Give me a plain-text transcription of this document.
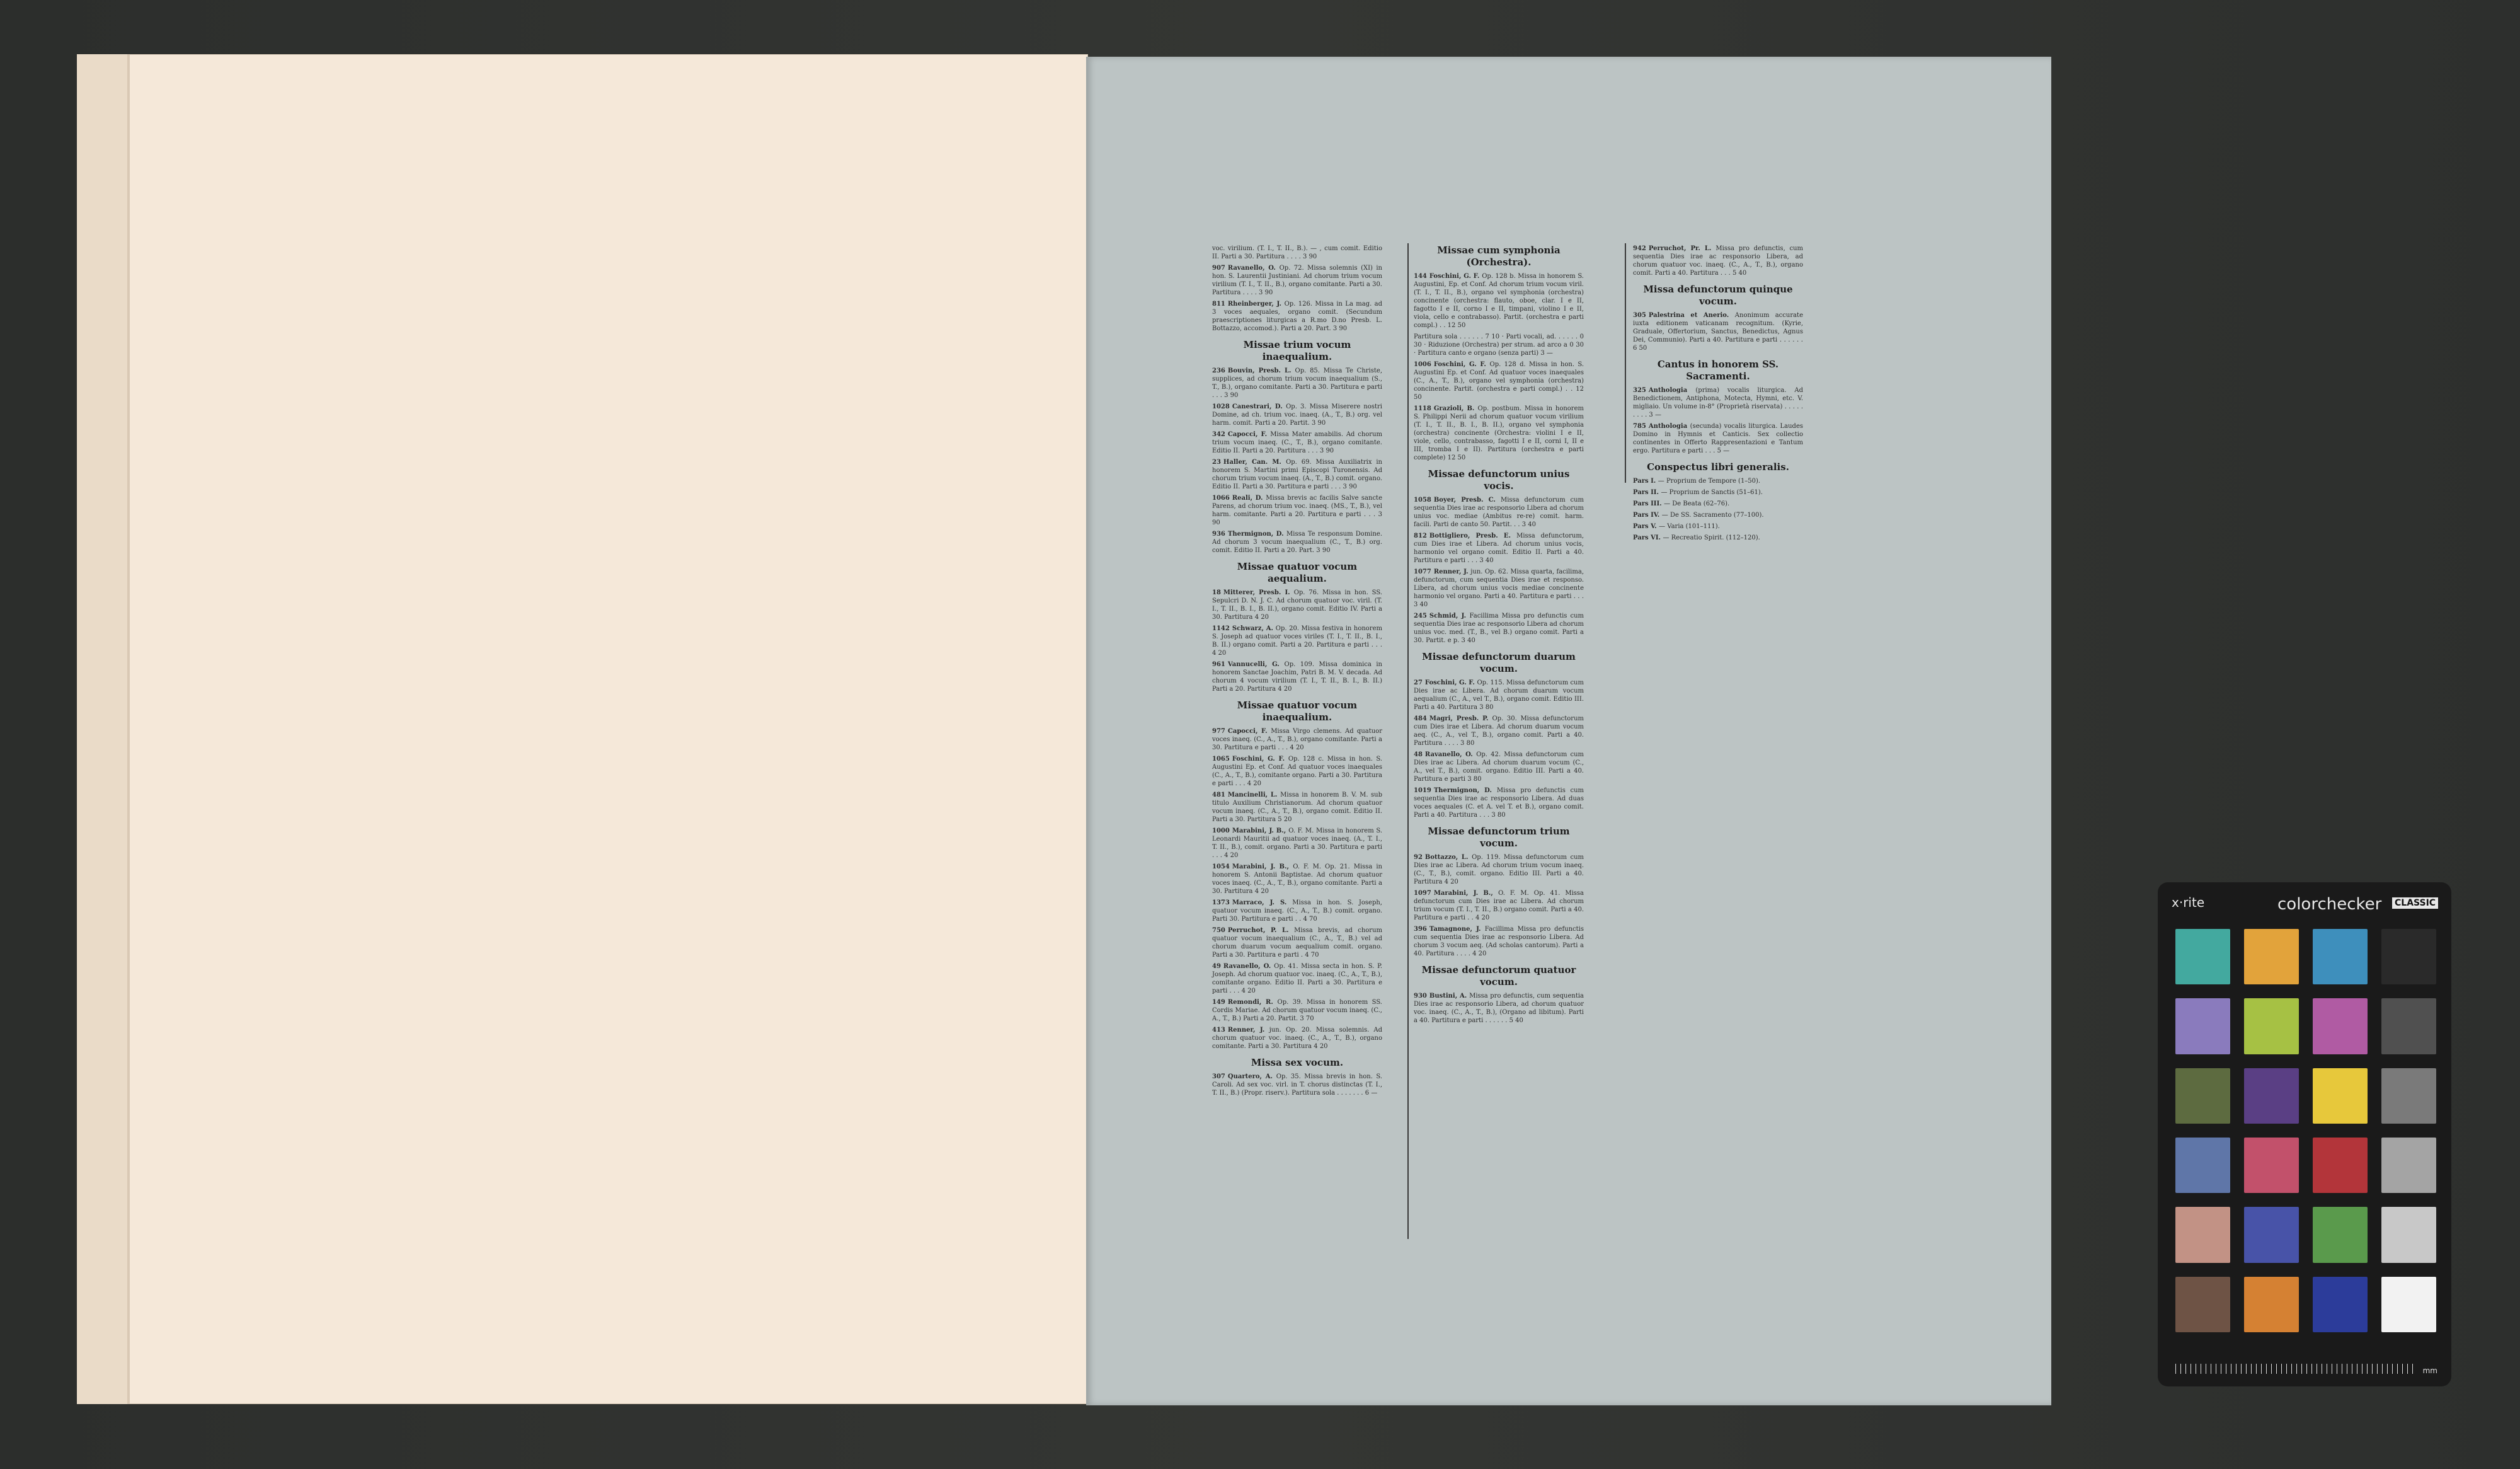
voc. virilium. (T. I., T. II., B.). — , cum comit. Editio II. Parti a 30. Partitura . . . . 3 90
907 Ravanello, O. Op. 72. Missa solemnis (XI) in hon. S. Laurentii Justiniani. Ad chorum trium vocum virilium (T. I., T. II., B.), organo comitante. Parti a 30. Partitura . . . . 3 90
811 Rheinberger, J. Op. 126. Missa in La mag. ad 3 voces aequales, organo comit. (Secundum praescriptiones liturgicas a R.mo D.no Presb. L. Bottazzo, accomod.). Parti a 20. Part. 3 90
Missae trium vocum inaequalium.
236 Bouvin, Presb. L. Op. 85. Missa Te Christe, supplices, ad chorum trium vocum inaequalium (S., T., B.), organo comitante. Parti a 30. Partitura e parti . . . 3 90
1028 Canestrari, D. Op. 3. Missa Miserere nostri Domine, ad ch. trium voc. inaeq. (A., T., B.) org. vel harm. comit. Parti a 20. Partit. 3 90
342 Capocci, F. Missa Mater amabilis. Ad chorum trium vocum inaeq. (C., T., B.), organo comitante. Editio II. Parti a 20. Partitura . . . 3 90
23 Haller, Can. M. Op. 69. Missa Auxiliatrix in honorem S. Martini primi Episcopi Turonensis. Ad chorum trium vocum inaeq. (A., T., B.) comit. organo. Editio II. Parti a 30. Partitura e parti . . . 3 90
1066 Reali, D. Missa brevis ac facilis Salve sancte Parens, ad chorum trium voc. inaeq. (MS., T., B.), vel harm. comitante. Parti a 20. Partitura e parti . . . 3 90
936 Thermignon, D. Missa Te responsum Domine. Ad chorum 3 vocum inaequalium (C., T., B.) org. comit. Editio II. Parti a 20. Part. 3 90
Missae quatuor vocum aequalium.
18 Mitterer, Presb. I. Op. 76. Missa in hon. SS. Sepulcri D. N. J. C. Ad chorum quatuor voc. viril. (T. I., T. II., B. I., B. II.), organo comit. Editio IV. Parti a 30. Partitura 4 20
1142 Schwarz, A. Op. 20. Missa festiva in honorem S. Joseph ad quatuor voces viriles (T. I., T. II., B. I., B. II.) organo comit. Parti a 20. Partitura e parti . . . 4 20
961 Vannucelli, G. Op. 109. Missa dominica in honorem Sanctae Joachim, Patri B. M. V. decada. Ad chorum 4 vocum virilium (T. I., T. II., B. I., B. II.) Parti a 20. Partitura 4 20
Missae quatuor vocum inaequalium.
977 Capocci, F. Missa Virgo clemens. Ad quatuor voces inaeq. (C., A., T., B.), organo comitante. Parti a 30. Partitura e parti . . . 4 20
1065 Foschini, G. F. Op. 128 c. Missa in hon. S. Augustini Ep. et Conf. Ad quatuor voces inaequales (C., A., T., B.), comitante organo. Parti a 30. Partitura e parti . . . 4 20
481 Mancinelli, L. Missa in honorem B. V. M. sub titulo Auxilium Christianorum. Ad chorum quatuor vocum inaeq. (C., A., T., B.), organo comit. Editio II. Parti a 30. Partitura 5 20
1000 Marabini, J. B., O. F. M. Missa in honorem S. Leonardi Mauritii ad quatuor voces inaeq. (A., T. I., T. II., B.), comit. organo. Parti a 30. Partitura e parti . . . 4 20
1054 Marabini, J. B., O. F. M. Op. 21. Missa in honorem S. Antonii Baptistae. Ad chorum quatuor voces inaeq. (C., A., T., B.), organo comitante. Parti a 30. Partitura 4 20
1373 Marraco, J. S. Missa in hon. S. Joseph, quatuor vocum inaeq. (C., A., T., B.) comit. organo. Parti 30. Partitura e parti . . 4 70
750 Perruchot, P. L. Missa brevis, ad chorum quatuor vocum inaequalium (C., A., T., B.) vel ad chorum duarum vocum aequalium comit. organo. Parti a 30. Partitura e parti . 4 70
49 Ravanello, O. Op. 41. Missa secta in hon. S. P. Joseph. Ad chorum quatuor voc. inaeq. (C., A., T., B.), comitante organo. Editio II. Parti a 30. Partitura e parti . . . 4 20
149 Remondi, R. Op. 39. Missa in honorem SS. Cordis Mariae. Ad chorum quatuor vocum inaeq. (C., A., T., B.) Parti a 20. Partit. 3 70
413 Renner, J. jun. Op. 20. Missa solemnis. Ad chorum quatuor voc. inaeq. (C., A., T., B.), organo comitante. Parti a 30. Partitura 4 20
Missa sex vocum.
307 Quartero, A. Op. 35. Missa brevis in hon. S. Caroli. Ad sex voc. virl. in T. chorus distinctas (T. I., T. II., B.) (Propr. riserv.). Partitura sola . . . . . . . 6 —
Missae cum symphonia (Orchestra).
144 Foschini, G. F. Op. 128 b. Missa in honorem S. Augustini, Ep. et Conf. Ad chorum trium vocum viril. (T. I., T. II., B.), organo vel symphonia (orchestra) concinente (orchestra: flauto, oboe, clar. I e II, fagotto I e II, corno I e II, timpani, violino I e II, viola, cello e contrabasso). Partit. (orchestra e parti compl.) . . 12 50
Partitura sola . . . . . . 7 10 · Parti vocali, ad. . . . . . 0 30 · Riduzione (Orchestra) per strum. ad arco a 0 30 · Partitura canto e organo (senza parti) 3 —
1006 Foschini, G. F. Op. 128 d. Missa in hon. S. Augustini Ep. et Conf. Ad quatuor voces inaequales (C., A., T., B.), organo vel symphonia (orchestra) concinente. Partit. (orchestra e parti compl.) . . 12 50
1118 Grazioli, B. Op. postbum. Missa in honorem S. Philippi Nerii ad chorum quatuor vocum virilium (T. I., T. II., B. I., B. II.), organo vel symphonia (orchestra) concinente (Orchestra: violini I e II, viole, cello, contrabasso, fagotti I e II, corni I, II e III, tromba I e II). Partitura (orchestra e parti complete) 12 50
Missae defunctorum unius vocis.
1058 Boyer, Presb. C. Missa defunctorum cum sequentia Dies irae ac responsorio Libera ad chorum unius voc. mediae (Ambitus re-re) comit. harm. facili. Parti de canto 50. Partit. . . 3 40
812 Bottigliero, Presb. E. Missa defunctorum, cum Dies irae et Libera. Ad chorum unius vocis, harmonio vel organo comit. Editio II. Parti a 40. Partitura e parti . . . 3 40
1077 Renner, J. jun. Op. 62. Missa quarta, facilima, defunctorum, cum sequentia Dies irae et responso. Libera, ad chorum unius vocis mediae concinente harmonio vel organo. Parti a 40. Partitura e parti . . . 3 40
245 Schmid, J. Facillima Missa pro defunctis cum sequentia Dies irae ac responsorio Libera ad chorum unius voc. med. (T., B., vel B.) organo comit. Parti a 30. Partit. e p. 3 40
Missae defunctorum duarum vocum.
27 Foschini, G. F. Op. 115. Missa defunctorum cum Dies irae ac Libera. Ad chorum duarum vocum aequalium (C., A., vel T., B.), organo comit. Editio III. Parti a 40. Partitura 3 80
484 Magri, Presb. P. Op. 30. Missa defunctorum cum Dies irae et Libera. Ad chorum duarum vocum aeq. (C., A., vel T., B.), organo comit. Parti a 40. Partitura . . . . 3 80
48 Ravanello, O. Op. 42. Missa defunctorum cum Dies irae ac Libera. Ad chorum duarum vocum (C., A., vel T., B.), comit. organo. Editio III. Parti a 40. Partitura e parti 3 80
1019 Thermignon, D. Missa pro defunctis cum sequentia Dies irae ac responsorio Libera. Ad duas voces aequales (C. et A. vel T. et B.), organo comit. Parti a 40. Partitura . . . 3 80
Missae defunctorum trium vocum.
92 Bottazzo, L. Op. 119. Missa defunctorum cum Dies irae ac Libera. Ad chorum trium vocum inaeq. (C., T., B.), comit. organo. Editio III. Parti a 40. Partitura 4 20
1097 Marabini, J. B., O. F. M. Op. 41. Missa defunctorum cum Dies irae ac Libera. Ad chorum trium vocum (T. I., T. II., B.) organo comit. Parti a 40. Partitura e parti . . 4 20
396 Tamagnone, J. Facillima Missa pro defunctis cum sequentia Dies irae ac responsorio Libera. Ad chorum 3 vocum aeq. (Ad scholas cantorum). Parti a 40. Partitura . . . . 4 20
Missae defunctorum quatuor vocum.
930 Bustini, A. Missa pro defunctis, cum sequentia Dies irae ac responsorio Libera, ad chorum quatuor voc. inaeq. (C., A., T., B.), (Organo ad libitum). Parti a 40. Partitura e parti . . . . . . 5 40
942 Perruchot, Pr. L. Missa pro defunctis, cum sequentia Dies irae ac responsorio Libera, ad chorum quatuor voc. inaeq. (C., A., T., B.), organo comit. Parti a 40. Partitura . . . 5 40
Missa defunctorum quinque vocum.
305 Palestrina et Anerio. Anonimum accurate iuxta editionem vaticanam recognitum. (Kyrie, Graduale, Offertorium, Sanctus, Benedictus, Agnus Dei, Communio). Parti a 40. Partitura e parti . . . . . . 6 50
Cantus in honorem SS. Sacramenti.
325 Anthologia (prima) vocalis liturgica. Ad Benedictionem, Antiphona, Motecta, Hymni, etc. V. migliaio. Un volume in-8° (Proprietà riservata) . . . . . . . . . 3 —
785 Anthologia (secunda) vocalis liturgica. Laudes Domino in Hymnis et Canticis. Sex collectio continentes in Offerto Rappresentazioni e Tantum ergo. Partitura e parti . . . 5 —
Conspectus libri generalis.
Pars I. — Proprium de Tempore (1–50).
Pars II. — Proprium de Sanctis (51–61).
Pars III. — De Beata (62–76).
Pars IV. — De SS. Sacramento (77–100).
Pars V. — Varia (101–111).
Pars VI. — Recreatio Spirit. (112–120).
x·rite	colorchecker CLASSIC
mm
